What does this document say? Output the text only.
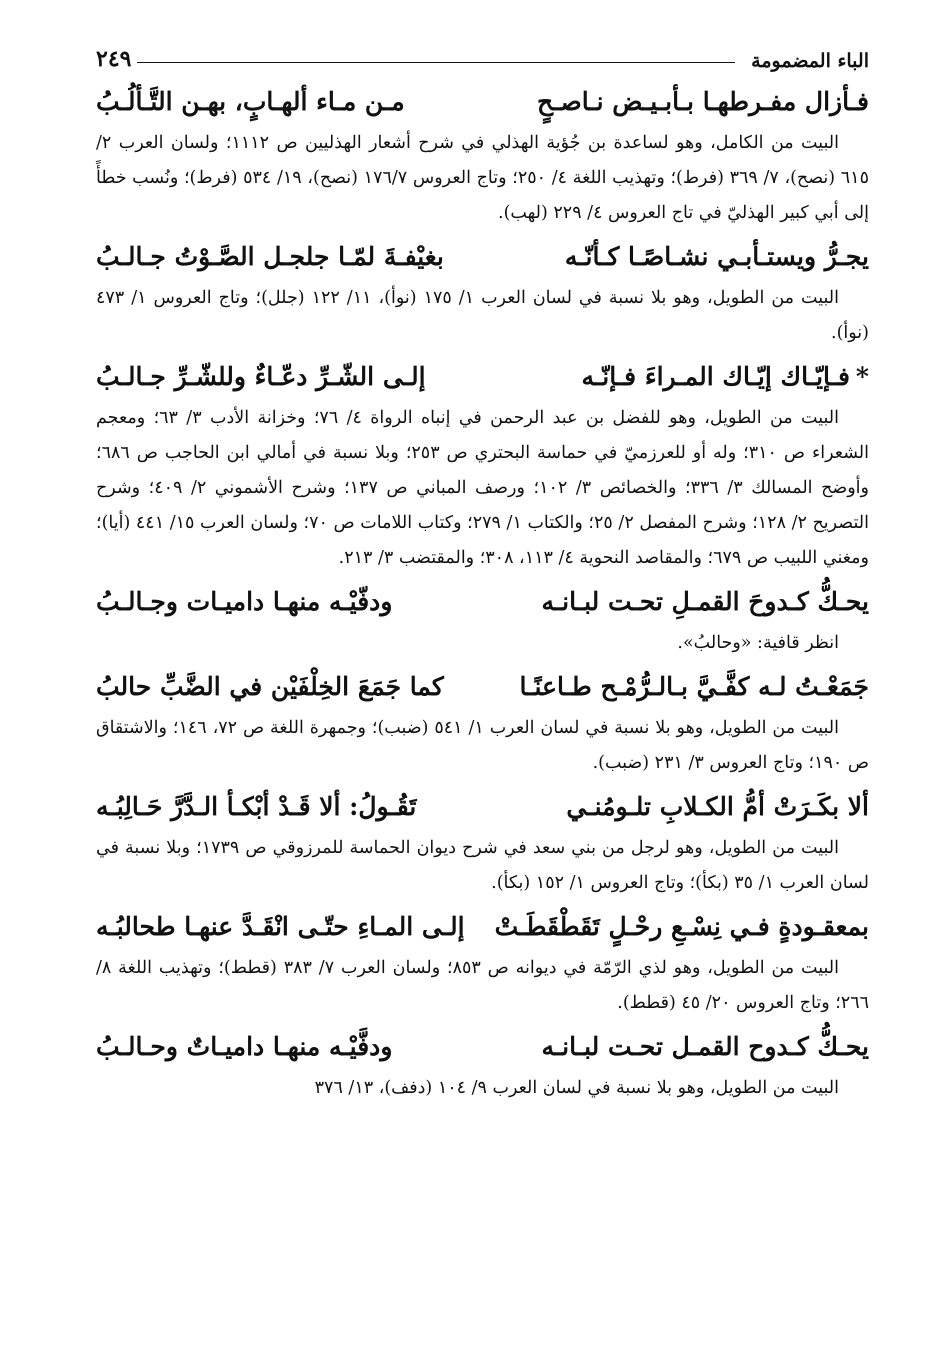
الباء المضمومة
٢٤٩
فـأزال مفـرطهـا بـأبـيـض نـاصـحٍ
مـن مـاء ألهـابٍ، بهـن التَّـألُـبُ

البيت من الكامل، وهو لساعدة بن جُؤية الهذلي في شرح أشعار الهذليين ص ١١١٢؛ ولسان العرب ٢/ ٦١٥ (نصح)، ٧/ ٣٦٩ (فرط)؛ وتهذيب اللغة ٤/ ٢٥٠؛ وتاج العروس ١٧٦/٧ (نصح)، ١٩/ ٥٣٤ (فرط)؛ ونُسب خطأً إلى أبي كبير الهذليّ في تاج العروس ٤/ ٢٢٩ (لهب).

يجـرُّ ويستـأبـي نشـاصًـا كـأنّـه
بغيْفـةَ لمّـا جلجـل الصَّـوْتُ جـالـبُ

البيت من الطويل، وهو بلا نسبة في لسان العرب ١/ ١٧٥ (نوأ)، ١١/ ١٢٢ (جلل)؛ وتاج العروس ١/ ٤٧٣ (نوأ).

*فـإيّـاك إيّـاك المـراءَ فـإنّـه
إلـى الشّـرِّ دعّـاءٌ وللشّـرِّ جـالـبُ

البيت من الطويل، وهو للفضل بن عبد الرحمن في إنباه الرواة ٤/ ٧٦؛ وخزانة الأدب ٣/ ٦٣؛ ومعجم الشعراء ص ٣١٠؛ وله أو للعرزميّ في حماسة البحتري ص ٢٥٣؛ وبلا نسبة في أمالي ابن الحاجب ص ٦٨٦؛ وأوضح المسالك ٣/ ٣٣٦؛ والخصائص ٣/ ١٠٢؛ ورصف المباني ص ١٣٧؛ وشرح الأشموني ٢/ ٤٠٩؛ وشرح التصريح ٢/ ١٢٨؛ وشرح المفصل ٢/ ٢٥؛ والكتاب ١/ ٢٧٩؛ وكتاب اللامات ص ٧٠؛ ولسان العرب ١٥/ ٤٤١ (أيا)؛ ومغني اللبيب ص ٦٧٩؛ والمقاصد النحوية ٤/ ١١٣، ٣٠٨؛ والمقتضب ٣/ ٢١٣.

يحـكُّ كـدوحَ القمـلِ تحـت لبـانـه
ودفّيْـه منهـا داميـات وجـالـبُ

انظر قافية: «وحالبُ».

جَمَعْـتُ لـه كفَّـيَّ بـالـرُّمْـح طـاعنًـا
كما جَمَعَ الخِلْفَيْن في الضَّبِّ حالبُ

البيت من الطويل، وهو بلا نسبة في لسان العرب ١/ ٥٤١ (ضبب)؛ وجمهرة اللغة ص ٧٢، ١٤٦؛ والاشتقاق ص ١٩٠؛ وتاج العروس ٣/ ٢٣١ (ضبب).

ألا بكَـرَتْ أمُّ الكـلابِ تلـومُنـي
تَقُـولُ: ألا قَـدْ أبْكـأ الـدَّرَّ حَـالِبُـه

البيت من الطويل، وهو لرجل من بني سعد في شرح ديوان الحماسة للمرزوقي ص ١٧٣٩؛ وبلا نسبة في لسان العرب ١/ ٣٥ (بكأ)؛ وتاج العروس ١/ ١٥٢ (بكأ).

بمعقـودةٍ فـي نِسْـعِ رحْـلٍ تَقَطْقَطَـتْ
إلـى المـاءِ حتّـى انْقَـدَّ عنهـا طحالبُـه

البيت من الطويل، وهو لذي الرّمّة في ديوانه ص ٨٥٣؛ ولسان العرب ٧/ ٣٨٣ (قطط)؛ وتهذيب اللغة ٨/ ٢٦٦؛ وتاج العروس ٢٠/ ٤٥ (قطط).

يحـكُّ كـدوح القمـل تحـت لبـانـه
ودفَّيْـه منهـا داميـاتٌ وحـالـبُ

البيت من الطويل، وهو بلا نسبة في لسان العرب ٩/ ١٠٤ (دفف)، ١٣/ ٣٧٦
